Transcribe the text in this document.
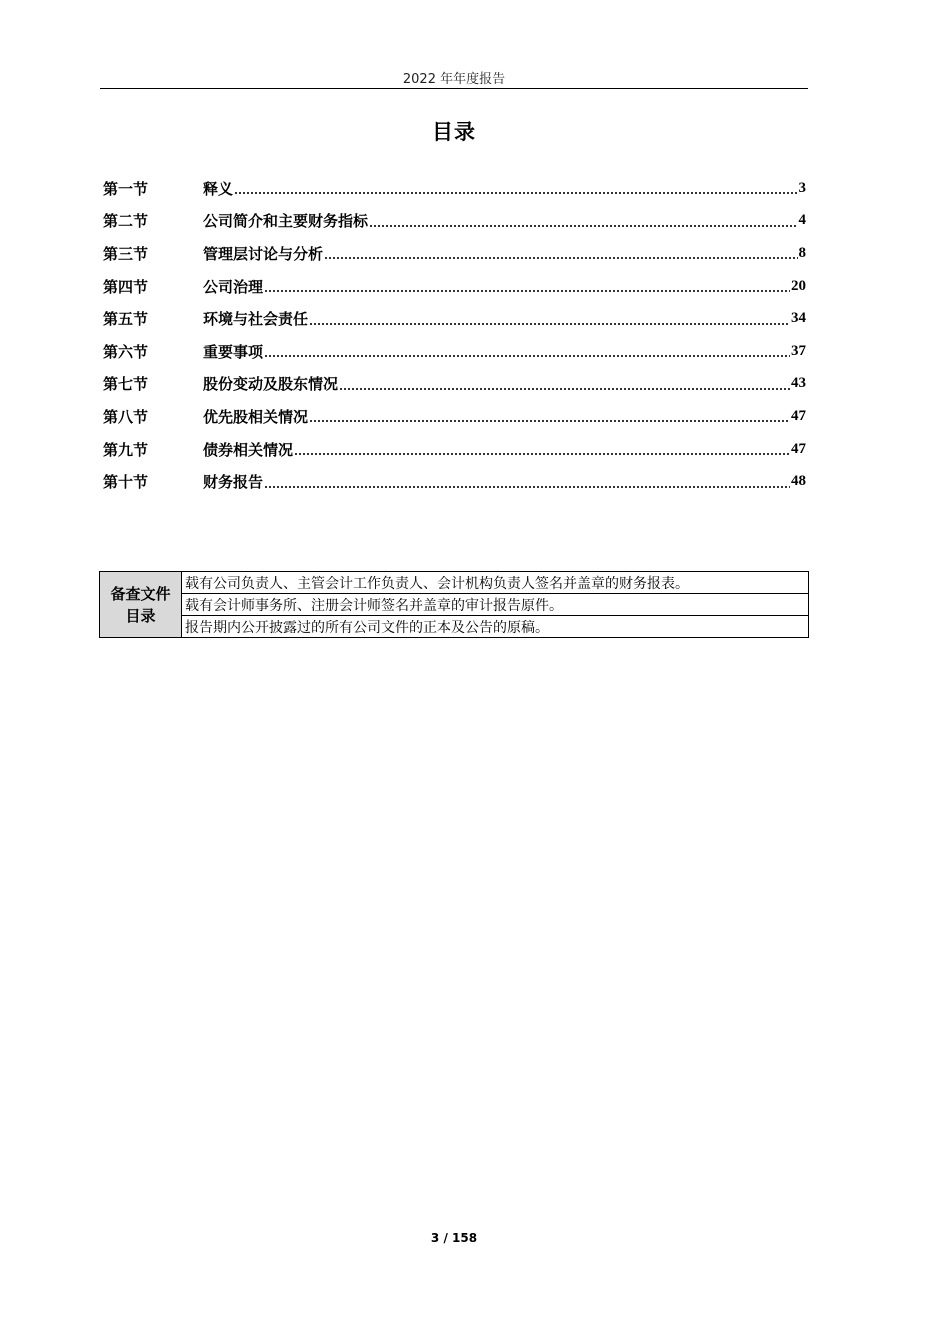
2022 年年度报告
目录
第一节	释义	3
第二节	公司简介和主要财务指标	4
第三节	管理层讨论与分析	8
第四节	公司治理	20
第五节	环境与社会责任	34
第六节	重要事项	37
第七节	股份变动及股东情况	43
第八节	优先股相关情况	47
第九节	债券相关情况	47
第十节	财务报告	48
备查文件
目录
	载有公司负责人、主管会计工作负责人、会计机构负责人签名并盖章的财务报表。
载有会计师事务所、注册会计师签名并盖章的审计报告原件。
报告期内公开披露过的所有公司文件的正本及公告的原稿。
3 / 158
